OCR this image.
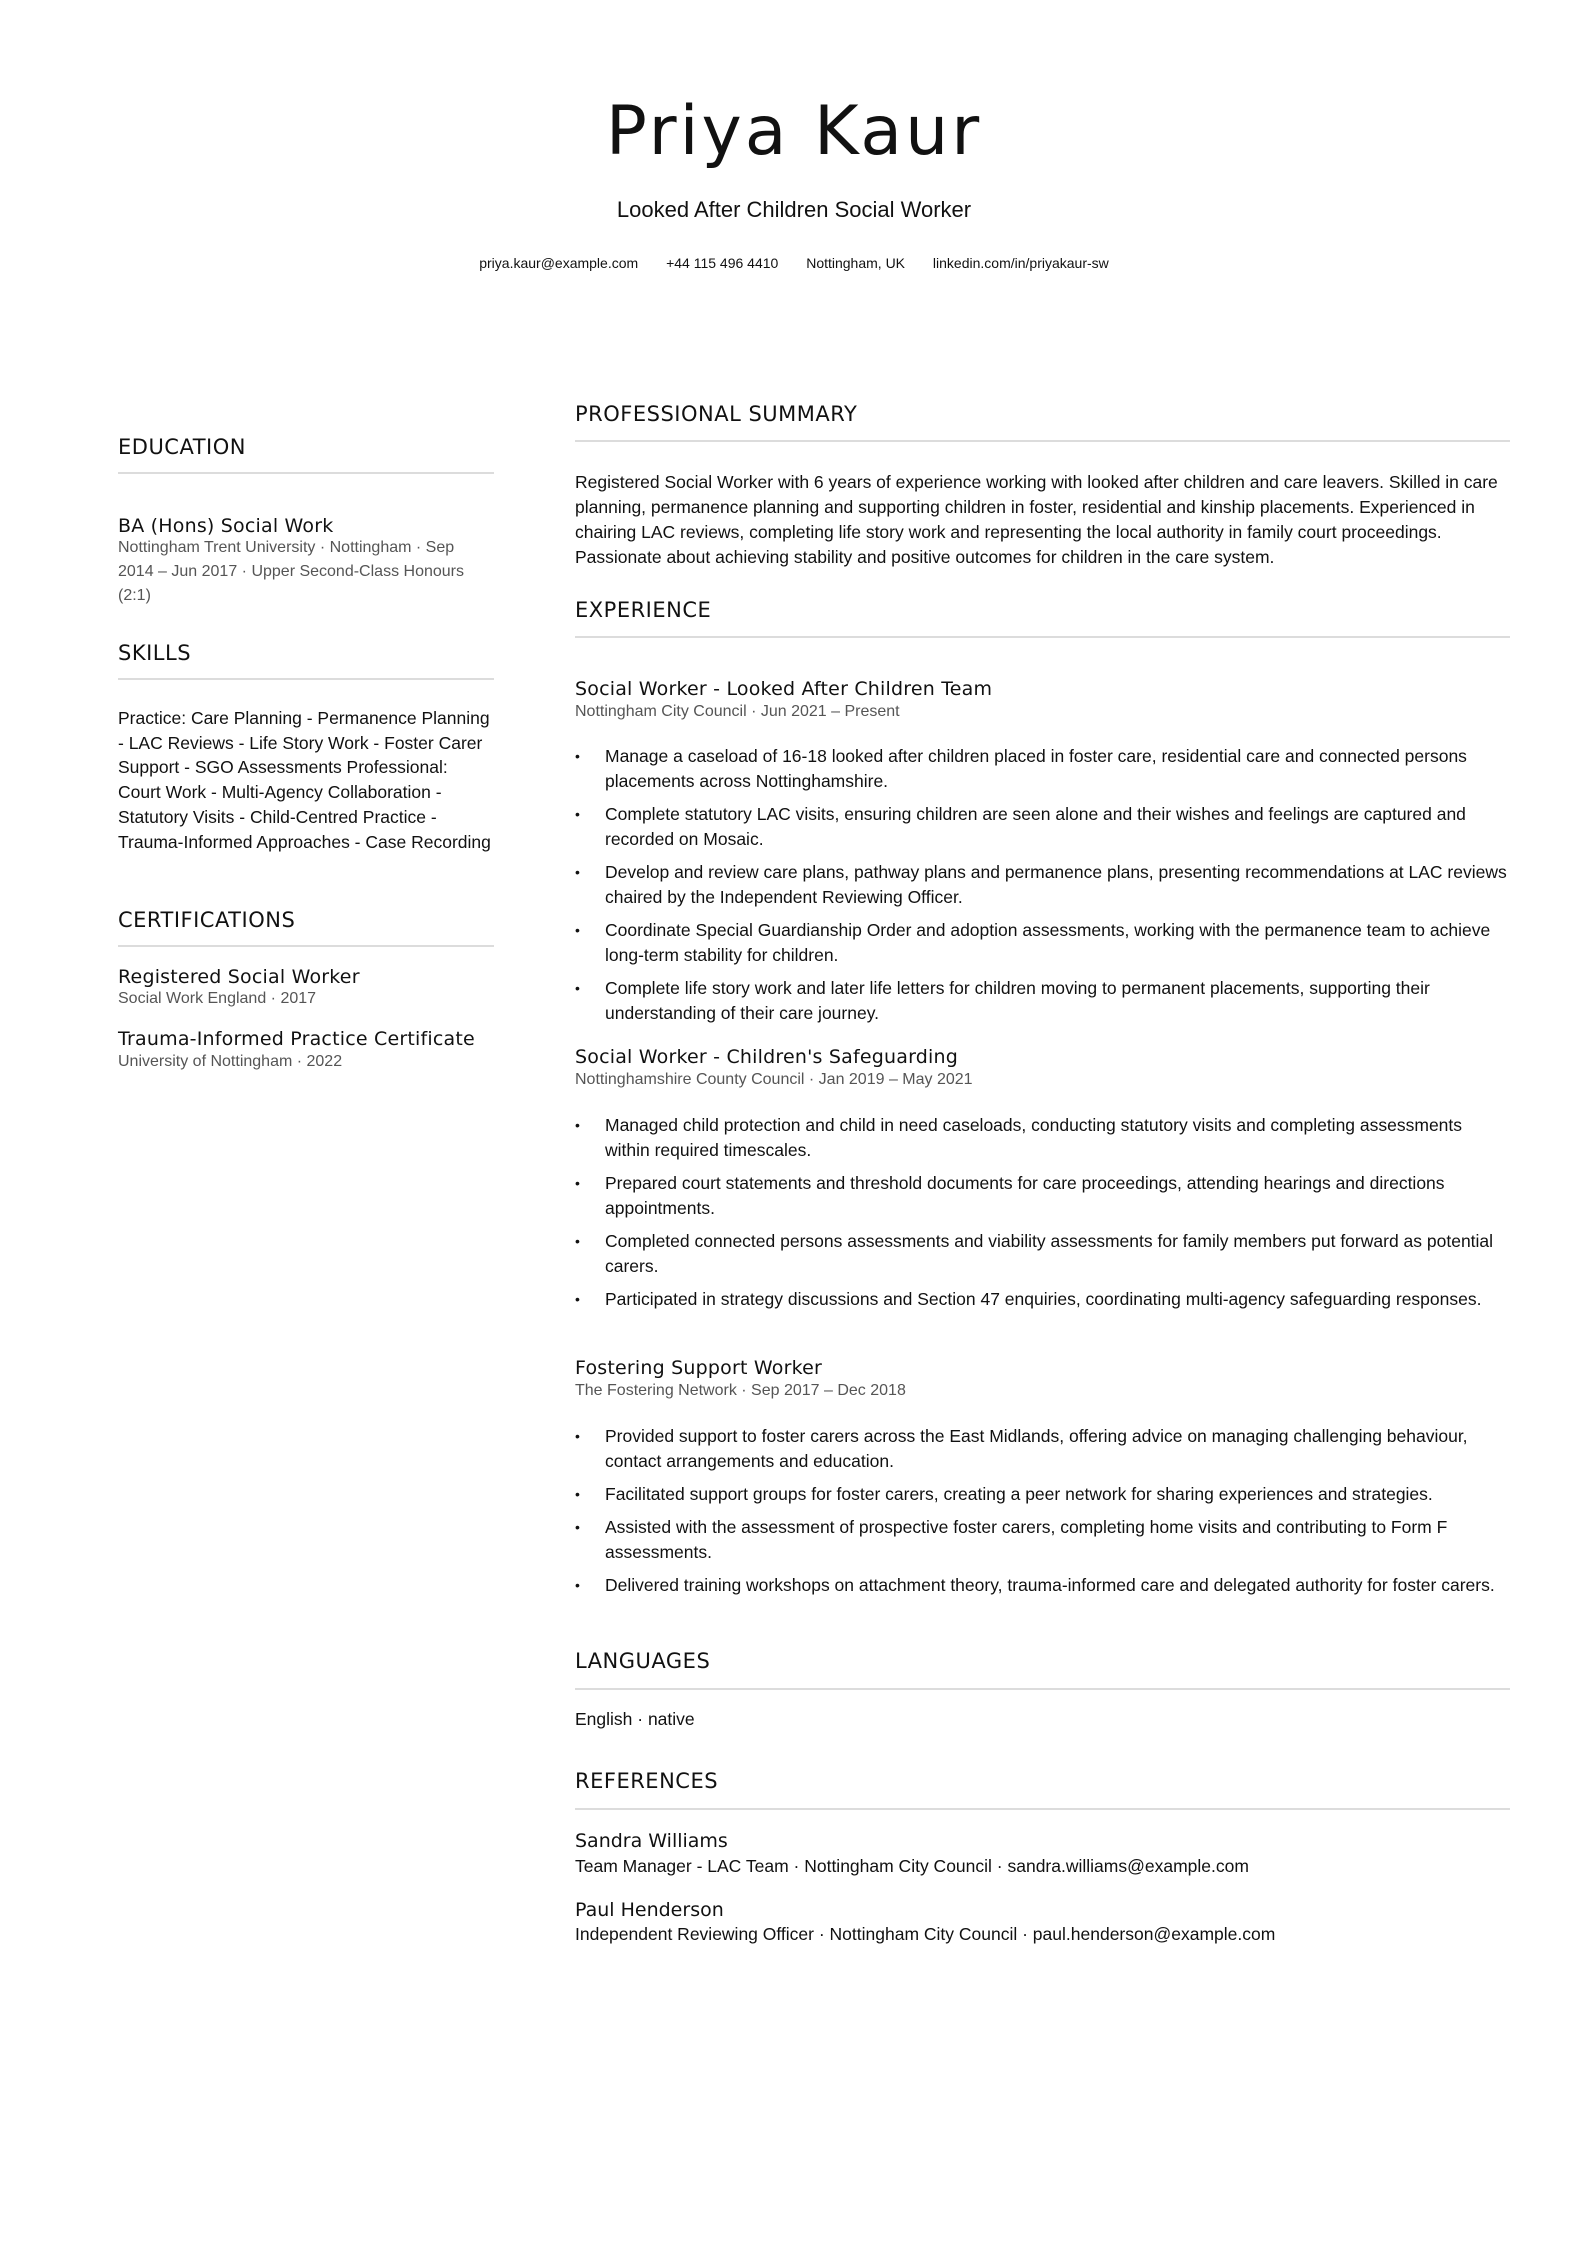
Priya Kaur
Looked After Children Social Worker
priya.kaur@example.com +44 115 496 4410 Nottingham, UK linkedin.com/in/priyakaur-sw
EDUCATION
BA (Hons) Social Work
Nottingham Trent University · Nottingham · Sep 2014 – Jun 2017 · Upper Second-Class Honours (2:1)
SKILLS
Practice: Care Planning - Permanence Planning - LAC Reviews - Life Story Work - Foster Carer Support - SGO Assessments Professional: Court Work - Multi-Agency Collaboration - Statutory Visits - Child-Centred Practice - Trauma-Informed Approaches - Case Recording
CERTIFICATIONS
Registered Social Worker
Social Work England · 2017
Trauma-Informed Practice Certificate
University of Nottingham · 2022
PROFESSIONAL SUMMARY
Registered Social Worker with 6 years of experience working with looked after children and care leavers. Skilled in care planning, permanence planning and supporting children in foster, residential and kinship placements. Experienced in chairing LAC reviews, completing life story work and representing the local authority in family court proceedings. Passionate about achieving stability and positive outcomes for children in the care system.
EXPERIENCE
Social Worker - Looked After Children Team
Nottingham City Council · Jun 2021 – Present
• Manage a caseload of 16-18 looked after children placed in foster care, residential care and connected persons placements across Nottinghamshire.
• Complete statutory LAC visits, ensuring children are seen alone and their wishes and feelings are captured and recorded on Mosaic.
• Develop and review care plans, pathway plans and permanence plans, presenting recommendations at LAC reviews chaired by the Independent Reviewing Officer.
• Coordinate Special Guardianship Order and adoption assessments, working with the permanence team to achieve long-term stability for children.
• Complete life story work and later life letters for children moving to permanent placements, supporting their understanding of their care journey.
Social Worker - Children's Safeguarding
Nottinghamshire County Council · Jan 2019 – May 2021
• Managed child protection and child in need caseloads, conducting statutory visits and completing assessments within required timescales.
• Prepared court statements and threshold documents for care proceedings, attending hearings and directions appointments.
• Completed connected persons assessments and viability assessments for family members put forward as potential carers.
• Participated in strategy discussions and Section 47 enquiries, coordinating multi-agency safeguarding responses.
Fostering Support Worker
The Fostering Network · Sep 2017 – Dec 2018
• Provided support to foster carers across the East Midlands, offering advice on managing challenging behaviour, contact arrangements and education.
• Facilitated support groups for foster carers, creating a peer network for sharing experiences and strategies.
• Assisted with the assessment of prospective foster carers, completing home visits and contributing to Form F assessments.
• Delivered training workshops on attachment theory, trauma-informed care and delegated authority for foster carers.
LANGUAGES
English · native
REFERENCES
Sandra Williams
Team Manager - LAC Team · Nottingham City Council · sandra.williams@example.com
Paul Henderson
Independent Reviewing Officer · Nottingham City Council · paul.henderson@example.com
